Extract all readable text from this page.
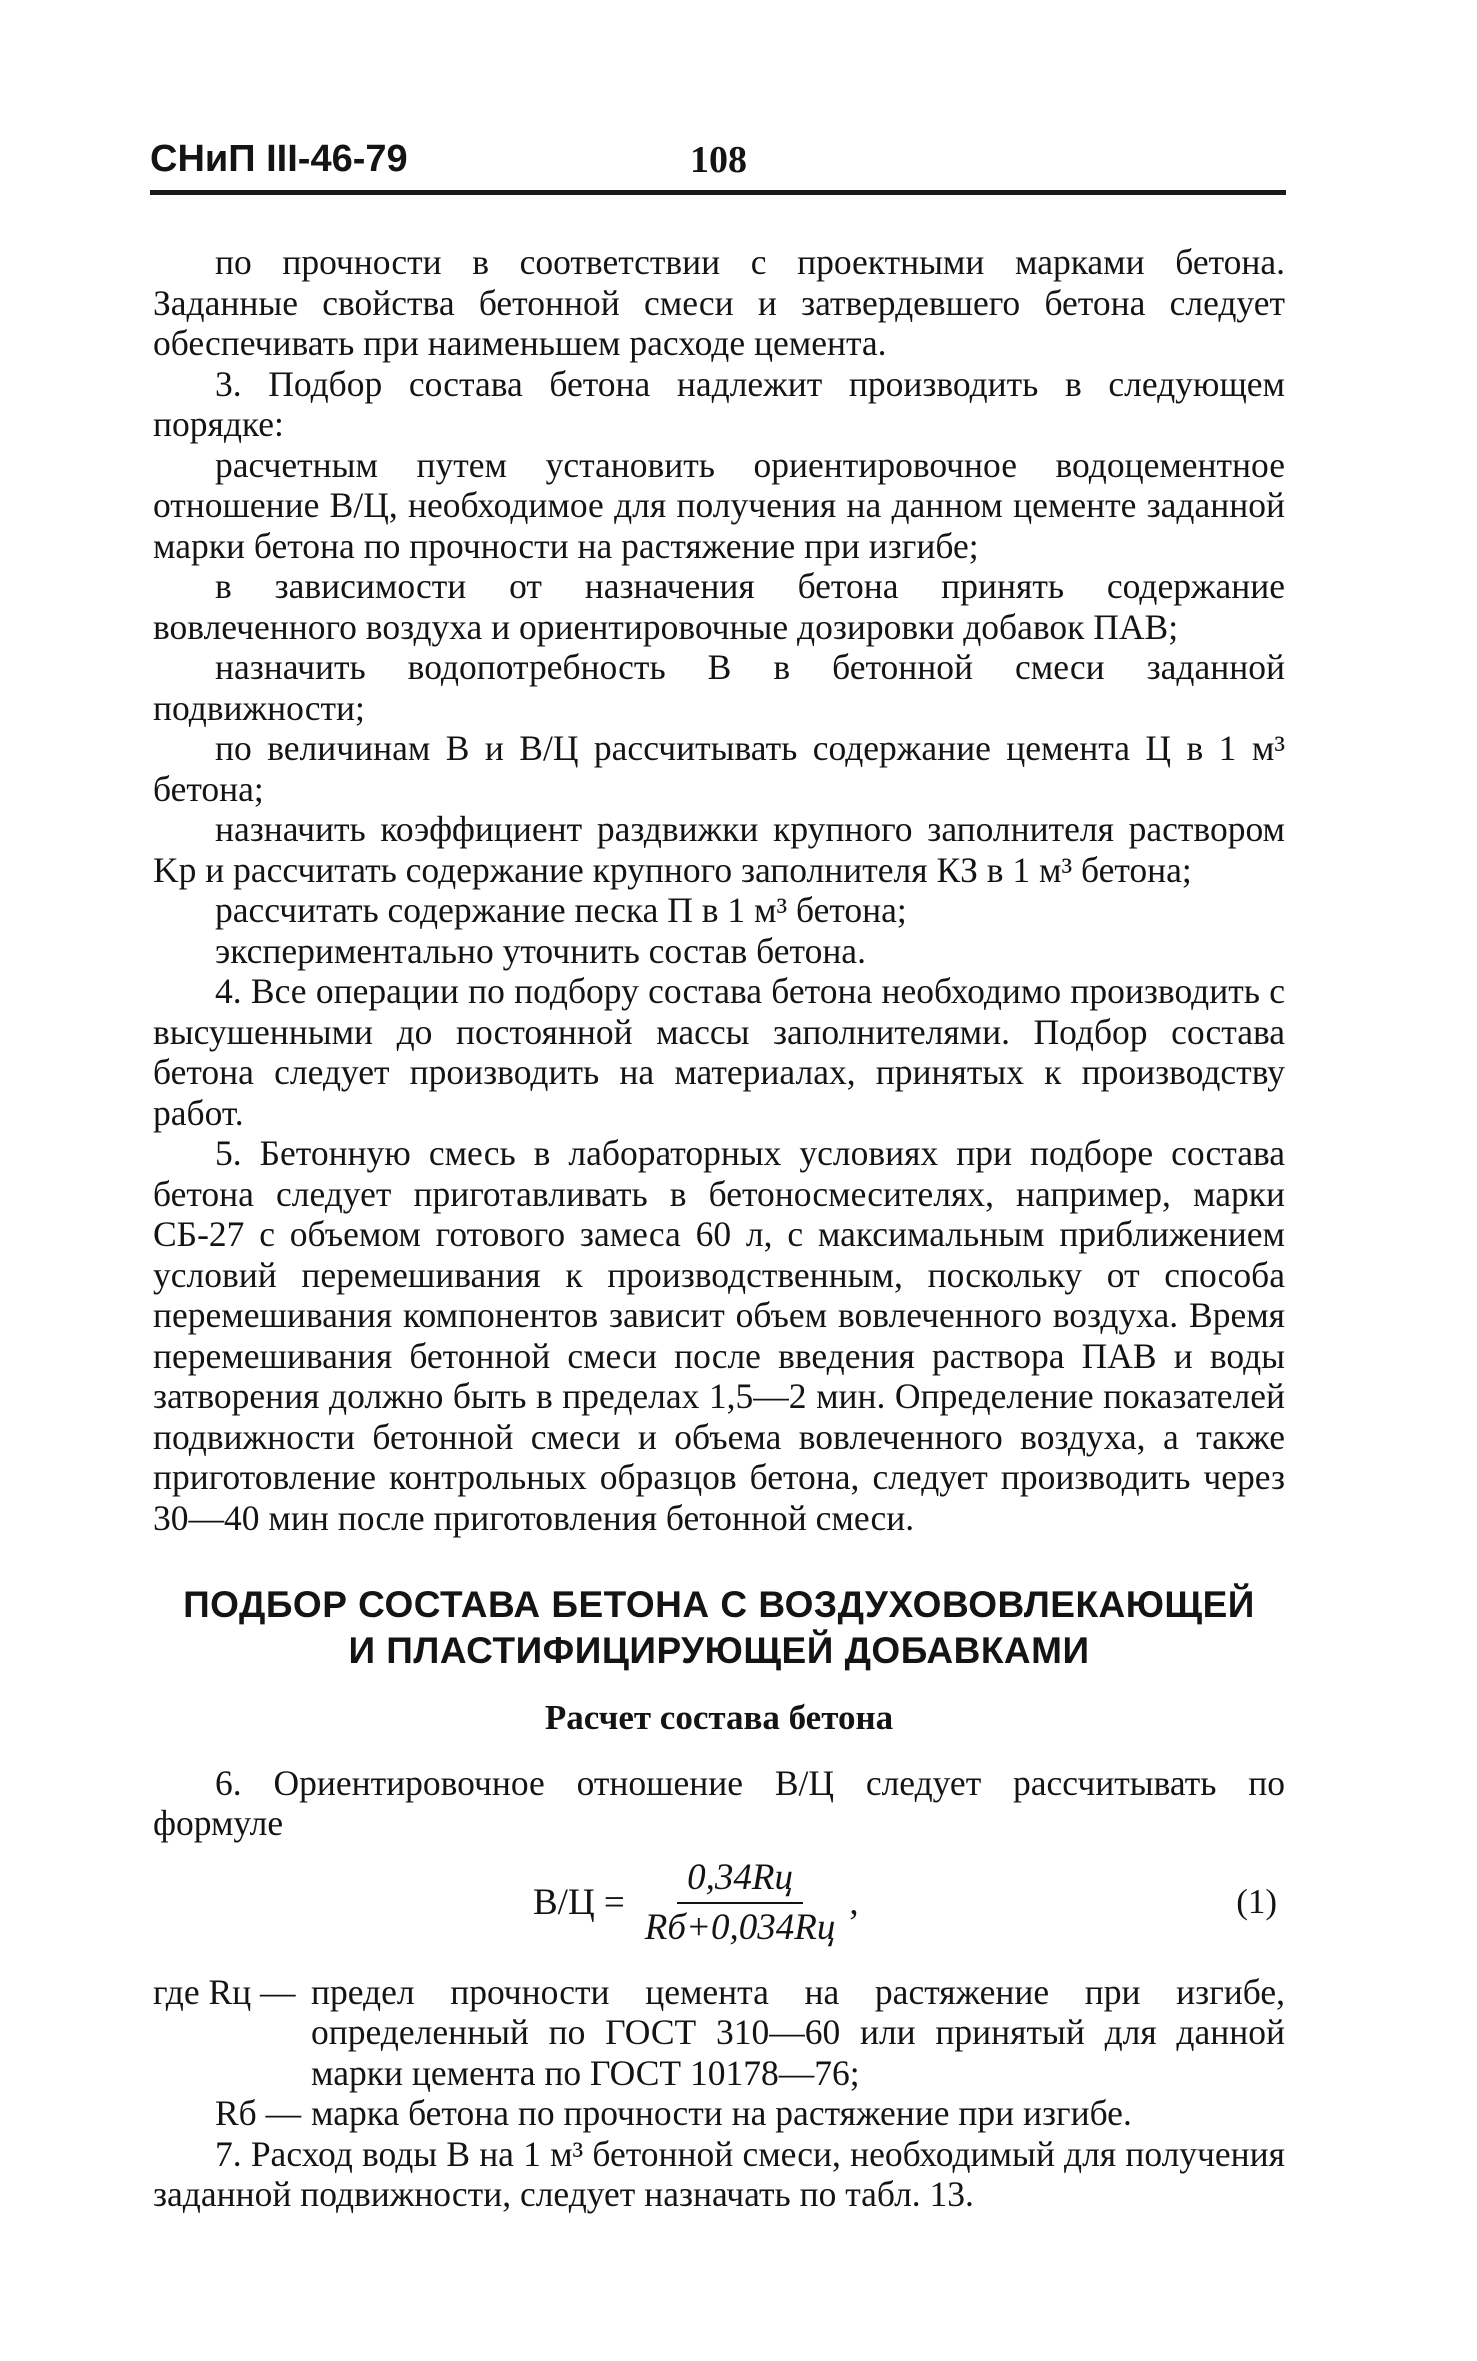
СНиП III-46-79	108

по прочности в соответствии с проектными марками бетона. Заданные свойства бетонной смеси и затвердевшего бетона следует обеспечивать при наименьшем расходе цемента.

3. Подбор состава бетона надлежит производить в следующем порядке:

расчетным путем установить ориентировочное водоцементное отношение В/Ц, необходимое для получения на данном цементе заданной марки бетона по прочности на растяжение при изгибе;

в зависимости от назначения бетона принять содержание вовлеченного воздуха и ориентировочные дозировки добавок ПАВ;

назначить водопотребность В в бетонной смеси заданной подвижности;

по величинам В и В/Ц рассчитывать содержание цемента Ц в 1 м³ бетона;

назначить коэффициент раздвижки крупного заполнителя раствором Kр и рассчитать содержание крупного заполнителя КЗ в 1 м³ бетона;

рассчитать содержание песка П в 1 м³ бетона;

экспериментально уточнить состав бетона.

4. Все операции по подбору состава бетона необходимо производить с высушенными до постоянной массы заполнителями. Подбор состава бетона следует производить на материалах, принятых к производству работ.

5. Бетонную смесь в лабораторных условиях при подборе состава бетона следует приготавливать в бетоносмесителях, например, марки СБ-27 с объемом готового замеса 60 л, с максимальным приближением условий перемешивания к производственным, поскольку от способа перемешивания компонентов зависит объем вовлеченного воздуха. Время перемешивания бетонной смеси после введения раствора ПАВ и воды затворения должно быть в пределах 1,5—2 мин. Определение показателей подвижности бетонной смеси и объема вовлеченного воздуха, а также приготовление контрольных образцов бетона, следует производить через 30—40 мин после приготовления бетонной смеси.

ПОДБОР СОСТАВА БЕТОНА С ВОЗДУХОВОВЛЕКАЮЩЕЙ
И ПЛАСТИФИЦИРУЮЩЕЙ ДОБАВКАМИ
Расчет состава бетона

6. Ориентировочное отношение В/Ц следует рассчитывать по формуле

$В/Ц = \frac{0,34Rц}{Rб+0,034Rц}$ ,	(1)
где Rц — предел прочности цемента на растяжение при изгибе, определенный по ГОСТ 310—60 или принятый для данной марки цемента по ГОСТ 10178—76;
Rб — марка бетона по прочности на растяжение при изгибе.

7. Расход воды В на 1 м³ бетонной смеси, необходимый для получения заданной подвижности, следует назначать по табл. 13.
